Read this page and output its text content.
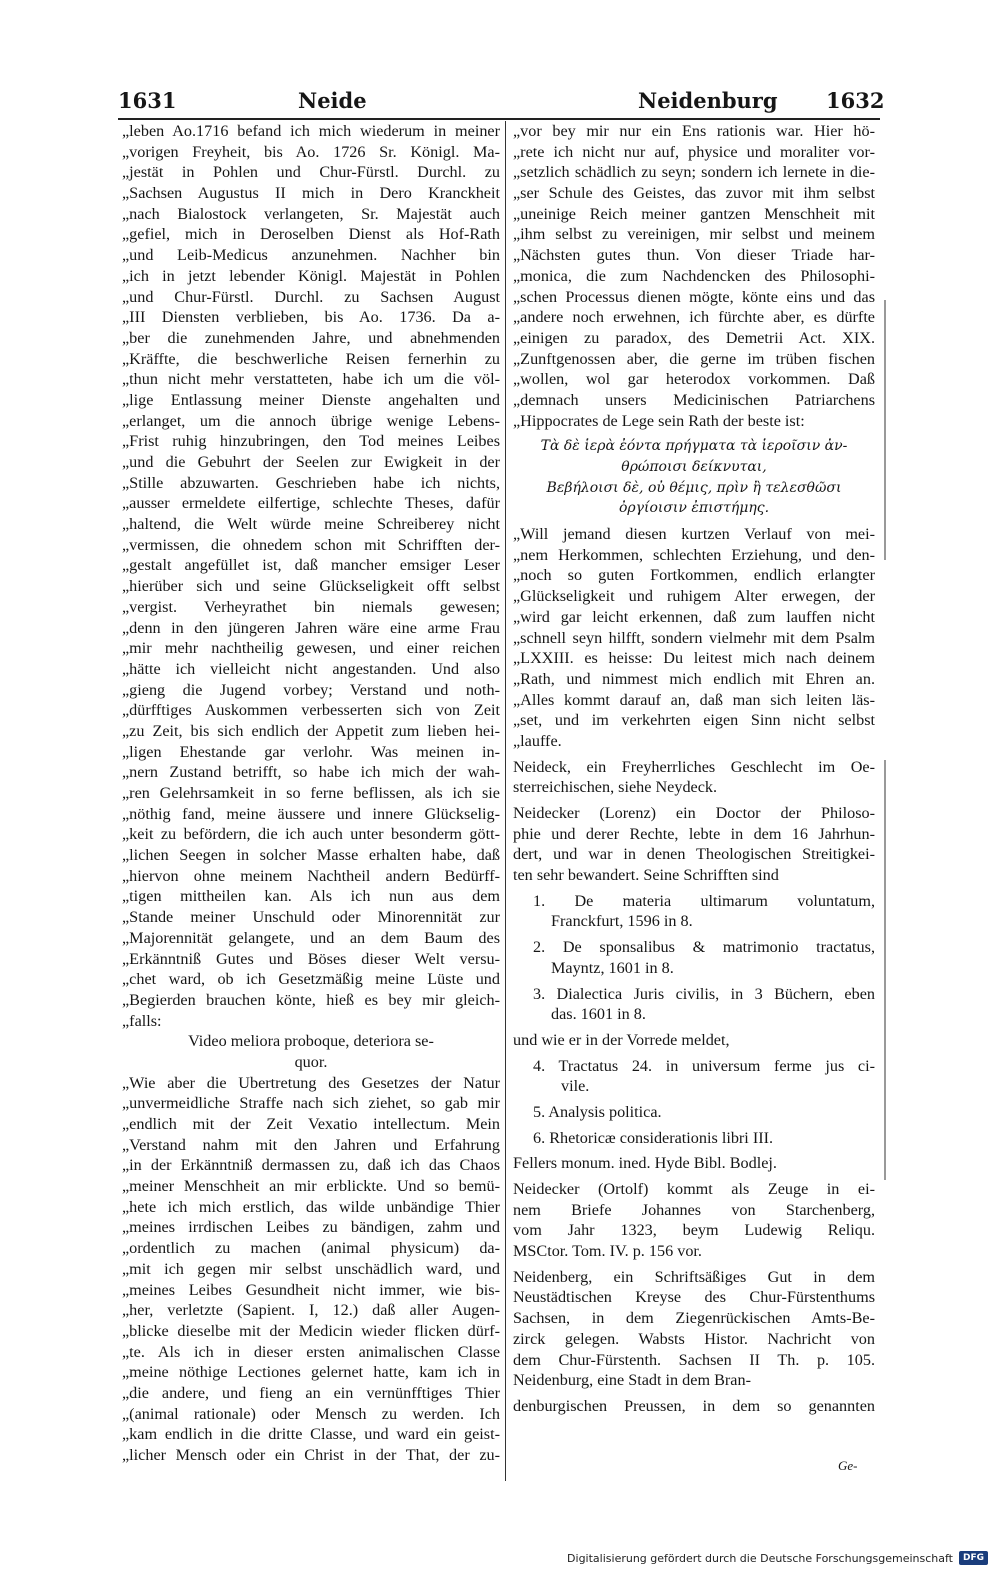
1631	Neide	Neidenburg 1632
„leben Ao.1716 befand ich mich wiederum in meiner
„vorigen Freyheit, bis Ao. 1726 Sr. Königl. Ma-
„jestät in Pohlen und Chur-Fürstl. Durchl. zu
„Sachsen Augustus II mich in Dero Kranckheit
„nach Bialostock verlangeten, Sr. Majestät auch
„gefiel, mich in Deroselben Dienst als Hof-Rath
„und Leib-Medicus anzunehmen. Nachher bin
„ich in jetzt lebender Königl. Majestät in Pohlen
„und Chur-Fürstl. Durchl. zu Sachsen August
„III Diensten verblieben, bis Ao. 1736. Da a-
„ber die zunehmenden Jahre, und abnehmenden
„Kräffte, die beschwerliche Reisen fernerhin zu
„thun nicht mehr verstatteten, habe ich um die völ-
„lige Entlassung meiner Dienste angehalten und
„erlanget, um die annoch übrige wenige Lebens-
„Frist ruhig hinzubringen, den Tod meines Leibes
„und die Gebuhrt der Seelen zur Ewigkeit in der
„Stille abzuwarten. Geschrieben habe ich nichts,
„ausser ermeldete eilfertige, schlechte Theses, dafür
„haltend, die Welt würde meine Schreiberey nicht
„vermissen, die ohnedem schon mit Schrifften der-
„gestalt angefüllet ist, daß mancher emsiger Leser
„hierüber sich und seine Glückseligkeit offt selbst
„vergist. Verheyrathet bin niemals gewesen;
„denn in den jüngeren Jahren wäre eine arme Frau
„mir mehr nachtheilig gewesen, und einer reichen
„hätte ich vielleicht nicht angestanden. Und also
„gieng die Jugend vorbey; Verstand und noth-
„dürfftiges Auskommen verbesserten sich von Zeit
„zu Zeit, bis sich endlich der Appetit zum lieben hei-
„ligen Ehestande gar verlohr. Was meinen in-
„nern Zustand betrifft, so habe ich mich der wah-
„ren Gelehrsamkeit in so ferne beflissen, als ich sie
„nöthig fand, meine äussere und innere Glückselig-
„keit zu befördern, die ich auch unter besonderm gött-
„lichen Seegen in solcher Masse erhalten habe, daß
„hiervon ohne meinem Nachtheil andern Bedürff-
„tigen mittheilen kan. Als ich nun aus dem
„Stande meiner Unschuld oder Minorennität zur
„Majorennität gelangete, und an dem Baum des
„Erkänntniß Gutes und Böses dieser Welt versu-
„chet ward, ob ich Gesetzmäßig meine Lüste und
„Begierden brauchen könte, hieß es bey mir gleich-
„falls:
Video meliora proboque, deteriora se-
quor.
„Wie aber die Ubertretung des Gesetzes der Natur
„unvermeidliche Straffe nach sich ziehet, so gab mir
„endlich mit der Zeit Vexatio intellectum. Mein
„Verstand nahm mit den Jahren und Erfahrung
„in der Erkänntniß dermassen zu, daß ich das Chaos
„meiner Menschheit an mir erblickte. Und so bemü-
„hete ich mich erstlich, das wilde unbändige Thier
„meines irrdischen Leibes zu bändigen, zahm und
„ordentlich zu machen (animal physicum) da-
„mit ich gegen mir selbst unschädlich ward, und
„meines Leibes Gesundheit nicht immer, wie bis-
„her, verletzte (Sapient. I, 12.) daß aller Augen-
„blicke dieselbe mit der Medicin wieder flicken dürf-
„te. Als ich in dieser ersten animalischen Classe
„meine nöthige Lectiones gelernet hatte, kam ich in
„die andere, und fieng an ein vernünfftiges Thier
„(animal rationale) oder Mensch zu werden. Ich
„kam endlich in die dritte Classe, und ward ein geist-
„licher Mensch oder ein Christ in der That, der zu-
„vor bey mir nur ein Ens rationis war. Hier hö-
„rete ich nicht nur auf, physice und moraliter vor-
„setzlich schädlich zu seyn; sondern ich lernete in die-
„ser Schule des Geistes, das zuvor mit ihm selbst
„uneinige Reich meiner gantzen Menschheit mit
„ihm selbst zu vereinigen, mir selbst und meinem
„Nächsten gutes thun. Von dieser Triade har-
„monica, die zum Nachdencken des Philosophi-
„schen Processus dienen mögte, könte eins und das
„andere noch erwehnen, ich fürchte aber, es dürfte
„einigen zu paradox, des Demetrii Act. XIX.
„Zunftgenossen aber, die gerne im trüben fischen
„wollen, wol gar heterodox vorkommen. Daß
„demnach unsers Medicinischen Patriarchens
„Hippocrates de Lege sein Rath der beste ist:
Τὰ δὲ ἱερὰ ἐόντα πρήγματα τὰ ἱεροῖσιν ἀν-
θρώποισι δείκνυται,
Βεβήλοισι δὲ, οὐ θέμις, πρὶν ἢ τελεσθῶσι
ὀργίοισιν ἐπιστήμης.
„Will jemand diesen kurtzen Verlauf von mei-
„nem Herkommen, schlechten Erziehung, und den-
„noch so guten Fortkommen, endlich erlangter
„Glückseligkeit und ruhigem Alter erwegen, der
„wird gar leicht erkennen, daß zum lauffen nicht
„schnell seyn hilfft, sondern vielmehr mit dem Psalm
„LXXIII. es heisse: Du leitest mich nach deinem
„Rath, und nimmest mich endlich mit Ehren an.
„Alles kommt darauf an, daß man sich leiten läs-
„set, und im verkehrten eigen Sinn nicht selbst
„lauffe.
Neideck, ein Freyherrliches Geschlecht im Oe-
sterreichischen, siehe Neydeck.
Neidecker (Lorenz) ein Doctor der Philoso-
phie und derer Rechte, lebte in dem 16 Jahrhun-
dert, und war in denen Theologischen Streitigkei-
ten sehr bewandert. Seine Schrifften sind
1. De materia ultimarum voluntatum,
Franckfurt, 1596 in 8.
2. De sponsalibus & matrimonio tractatus,
Mayntz, 1601 in 8.
3. Dialectica Juris civilis, in 3 Büchern, eben
das. 1601 in 8.
und wie er in der Vorrede meldet,
4. Tractatus 24. in universum ferme jus ci-
vile.
5. Analysis politica.
6. Rhetoricæ considerationis libri III.
Fellers monum. ined. Hyde Bibl. Bodlej.
Neidecker (Ortolf) kommt als Zeuge in ei-
nem Briefe Johannes von Starchenberg,
vom Jahr 1323, beym Ludewig Reliqu.
MSCtor. Tom. IV. p. 156 vor.
Neidenberg, ein Schriftsäßiges Gut in dem
Neustädtischen Kreyse des Chur-Fürstenthums
Sachsen, in dem Ziegenrückischen Amts-Be-
zirck gelegen. Wabsts Histor. Nachricht von
dem Chur-Fürstenth. Sachsen II Th. p. 105.
Neidenburg, eine Stadt in dem Bran-
denburgischen Preussen, in dem so genannten
Ge-
Digitalisierung gefördert durch die Deutsche Forschungsgemeinschaft	DFG
